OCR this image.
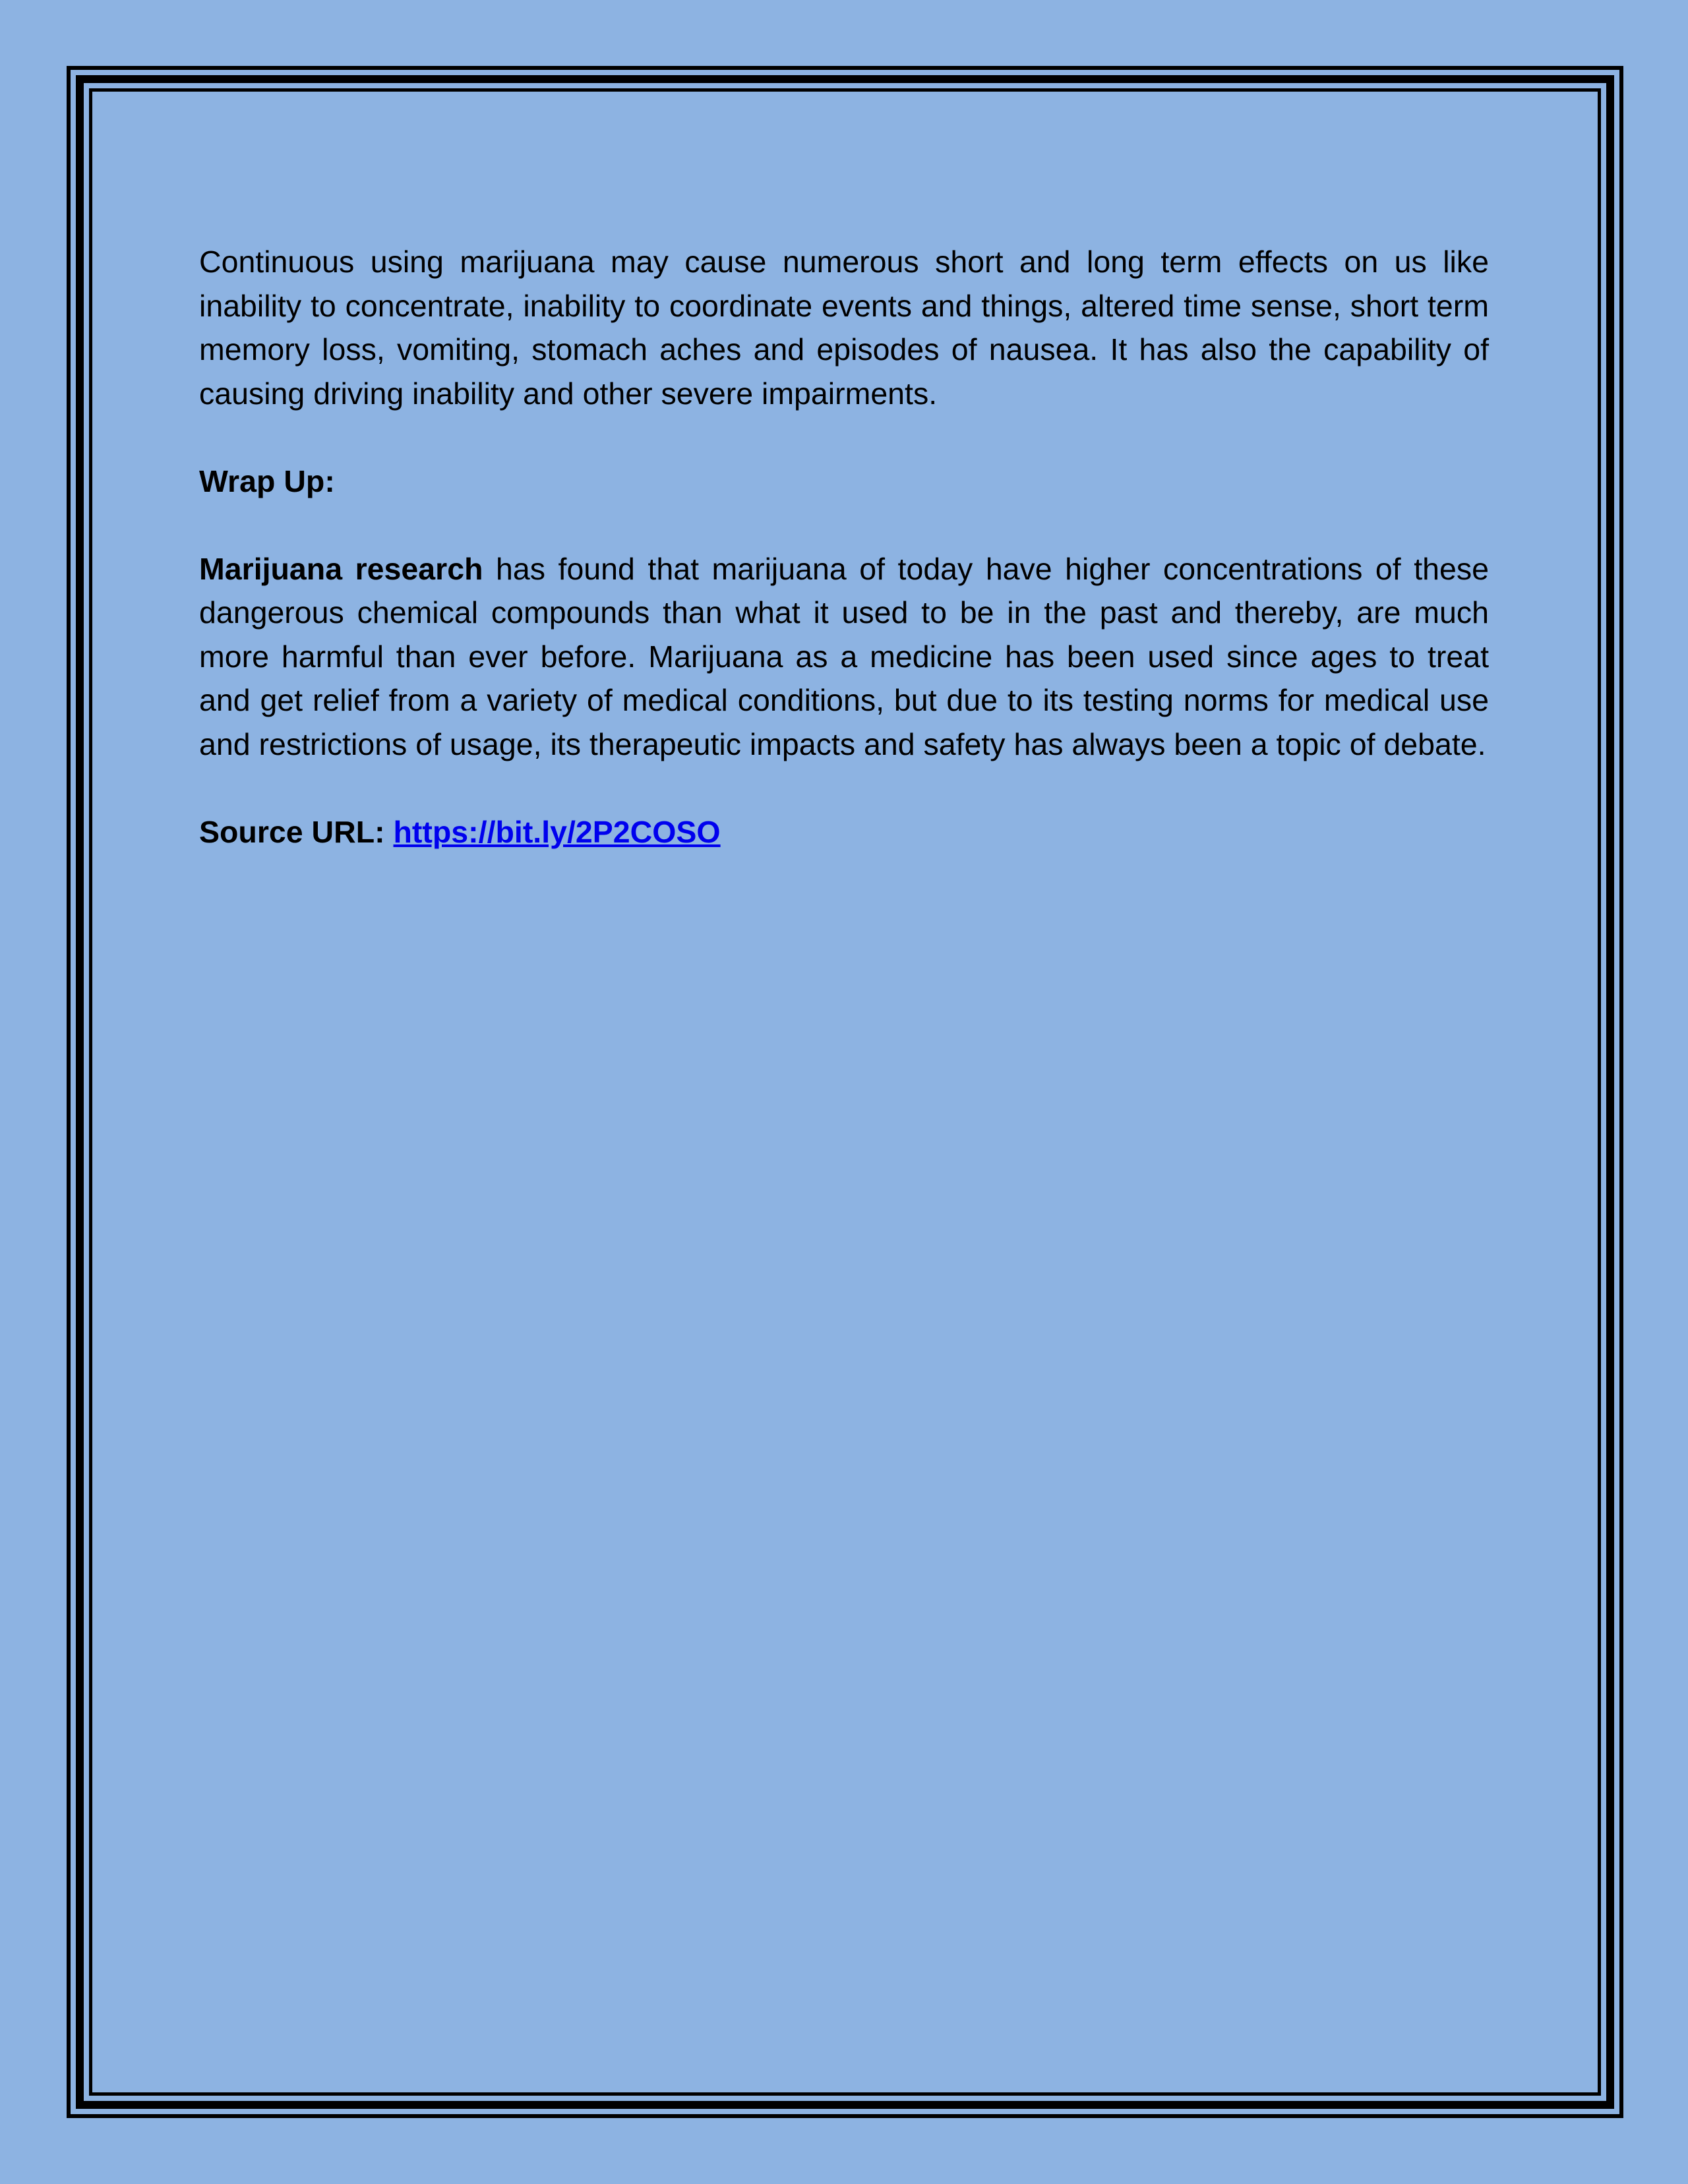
Continuous using marijuana may cause numerous short and long term effects on us like inability to concentrate, inability to coordinate events and things, altered time sense, short term memory loss, vomiting, stomach aches and episodes of nausea. It has also the capability of causing driving inability and other severe impairments.

Wrap Up:

Marijuana research has found that marijuana of today have higher concentrations of these dangerous chemical compounds than what it used to be in the past and thereby, are much more harmful than ever before. Marijuana as a medicine has been used since ages to treat and get relief from a variety of medical conditions, but due to its testing norms for medical use and restrictions of usage, its therapeutic impacts and safety has always been a topic of debate.

Source URL: https://bit.ly/2P2COSO
